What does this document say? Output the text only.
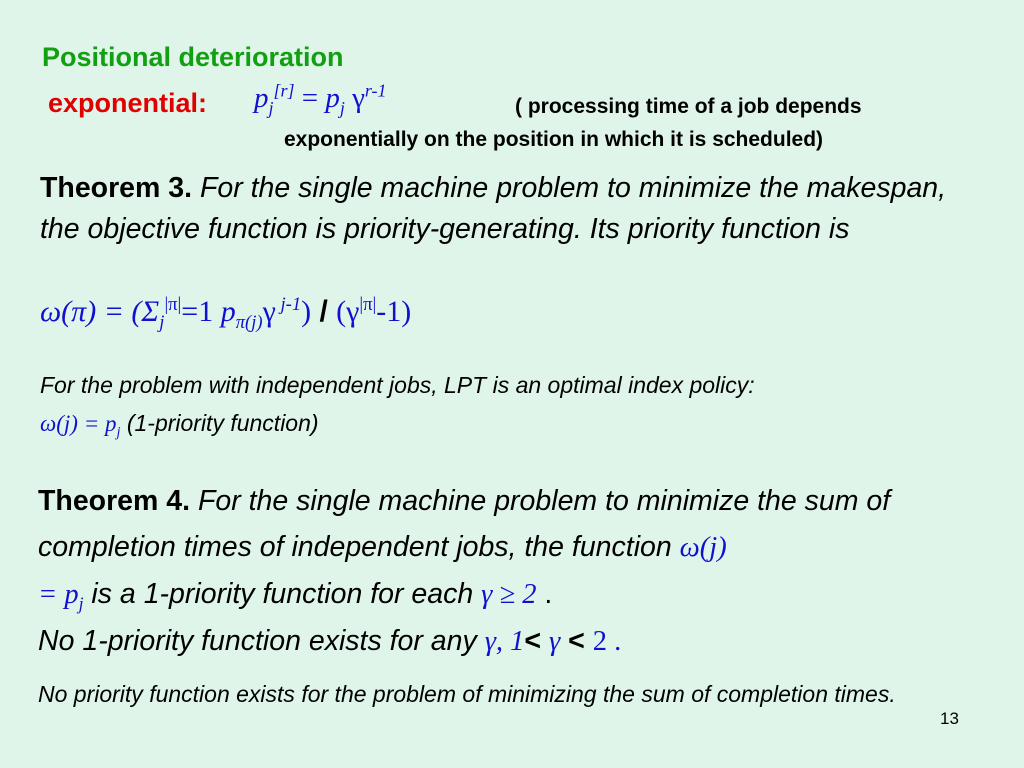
Positional deterioration
exponential: $p_j[r] = p_j$ $\gamma^{r-1}$
( processing time of a job depends
exponentially on the position in which it is scheduled)
Theorem 3. For the single machine problem to minimize the makespan, the objective function is priority-generating. Its priority function is
$\omega(\pi) = (\Sigma_j^{|\pi|}=1$ $p_{\pi(j)}\gamma$ $^{j-1}) / (\gamma^{|\pi|}-1)$
For the problem with independent jobs, LPT is an optimal index policy:
$\omega(j) = p_j$ (1-priority function)
Theorem 4. For the single machine problem to minimize the sum of completion times of independent jobs, the function ω(j)
= $p_j$ is a 1-priority function for each γ ≥ 2 .
No 1-priority function exists for any γ, 1< γ < 2 .
No priority function exists for the problem of minimizing the sum of completion times.
13
